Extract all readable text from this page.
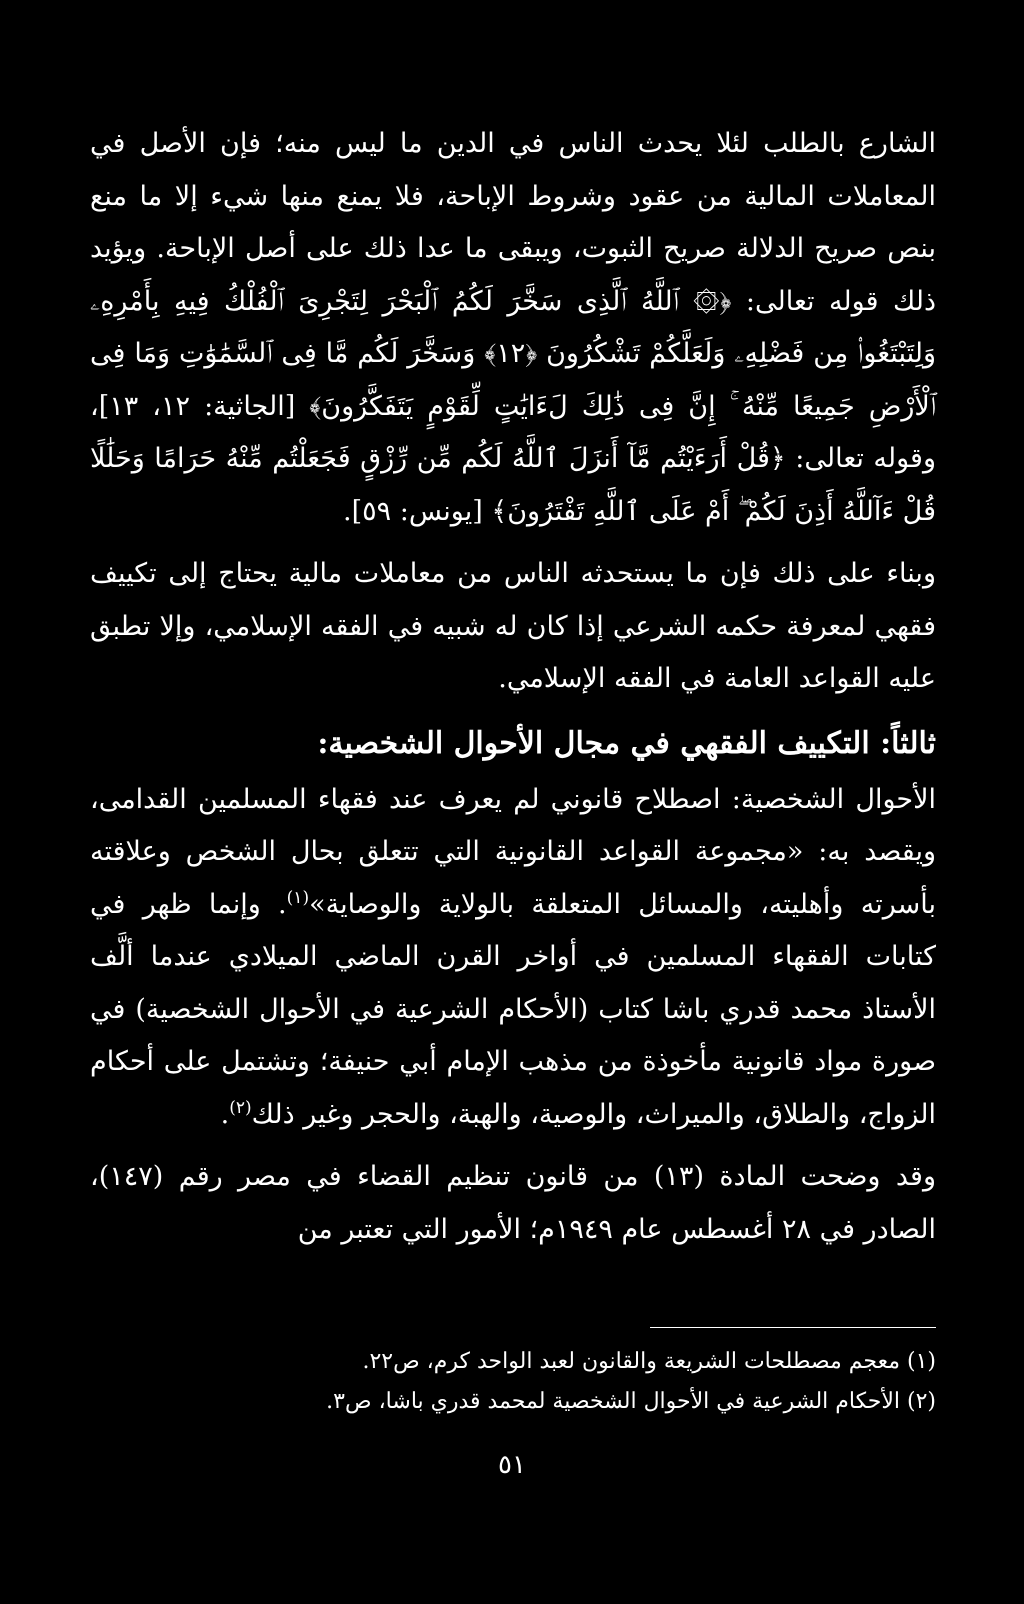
الشارع بالطلب لئلا يحدث الناس في الدين ما ليس منه؛ فإن الأصل في المعاملات المالية من عقود وشروط الإباحة، فلا يمنع منها شيء إلا ما منع بنص صريح الدلالة صريح الثبوت، ويبقى ما عدا ذلك على أصل الإباحة. ويؤيد ذلك قوله تعالى: ﴿۞ ٱللَّهُ ٱلَّذِى سَخَّرَ لَكُمُ ٱلْبَحْرَ لِتَجْرِىَ ٱلْفُلْكُ فِيهِ بِأَمْرِهِۦ وَلِتَبْتَغُوا۟ مِن فَضْلِهِۦ وَلَعَلَّكُمْ تَشْكُرُونَ ﴿١٢﴾ وَسَخَّرَ لَكُم مَّا فِى ٱلسَّمَٰوَٰتِ وَمَا فِى ٱلْأَرْضِ جَمِيعًا مِّنْهُ ۚ إِنَّ فِى ذَٰلِكَ لَءَايَٰتٍ لِّقَوْمٍ يَتَفَكَّرُونَ﴾ [الجاثية: ١٢، ١٣]، وقوله تعالى: ﴿قُلْ أَرَءَيْتُم مَّآ أَنزَلَ ٱللَّهُ لَكُم مِّن رِّزْقٍ فَجَعَلْتُم مِّنْهُ حَرَامًا وَحَلَٰلًا قُلْ ءَآللَّهُ أَذِنَ لَكُمْ ۖ أَمْ عَلَى ٱللَّهِ تَفْتَرُونَ﴾ [يونس: ٥٩].

وبناء على ذلك فإن ما يستحدثه الناس من معاملات مالية يحتاج إلى تكييف فقهي لمعرفة حكمه الشرعي إذا كان له شبيه في الفقه الإسلامي، وإلا تطبق عليه القواعد العامة في الفقه الإسلامي.

ثالثاً: التكييف الفقهي في مجال الأحوال الشخصية:

الأحوال الشخصية: اصطلاح قانوني لم يعرف عند فقهاء المسلمين القدامى، ويقصد به: «مجموعة القواعد القانونية التي تتعلق بحال الشخص وعلاقته بأسرته وأهليته، والمسائل المتعلقة بالولاية والوصاية»$^{(١)}$. وإنما ظهر في كتابات الفقهاء المسلمين في أواخر القرن الماضي الميلادي عندما ألَّف الأستاذ محمد قدري باشا كتاب (الأحكام الشرعية في الأحوال الشخصية) في صورة مواد قانونية مأخوذة من مذهب الإمام أبي حنيفة؛ وتشتمل على أحكام الزواج، والطلاق، والميراث، والوصية، والهبة، والحجر وغير ذلك$^{(٢)}$.

وقد وضحت المادة (١٣) من قانون تنظيم القضاء في مصر رقم (١٤٧)، الصادر في ٢٨ أغسطس عام ١٩٤٩م؛ الأمور التي تعتبر من

(١) معجم مصطلحات الشريعة والقانون لعبد الواحد كرم، ص٢٢.

(٢) الأحكام الشرعية في الأحوال الشخصية لمحمد قدري باشا، ص٣.

٥١
